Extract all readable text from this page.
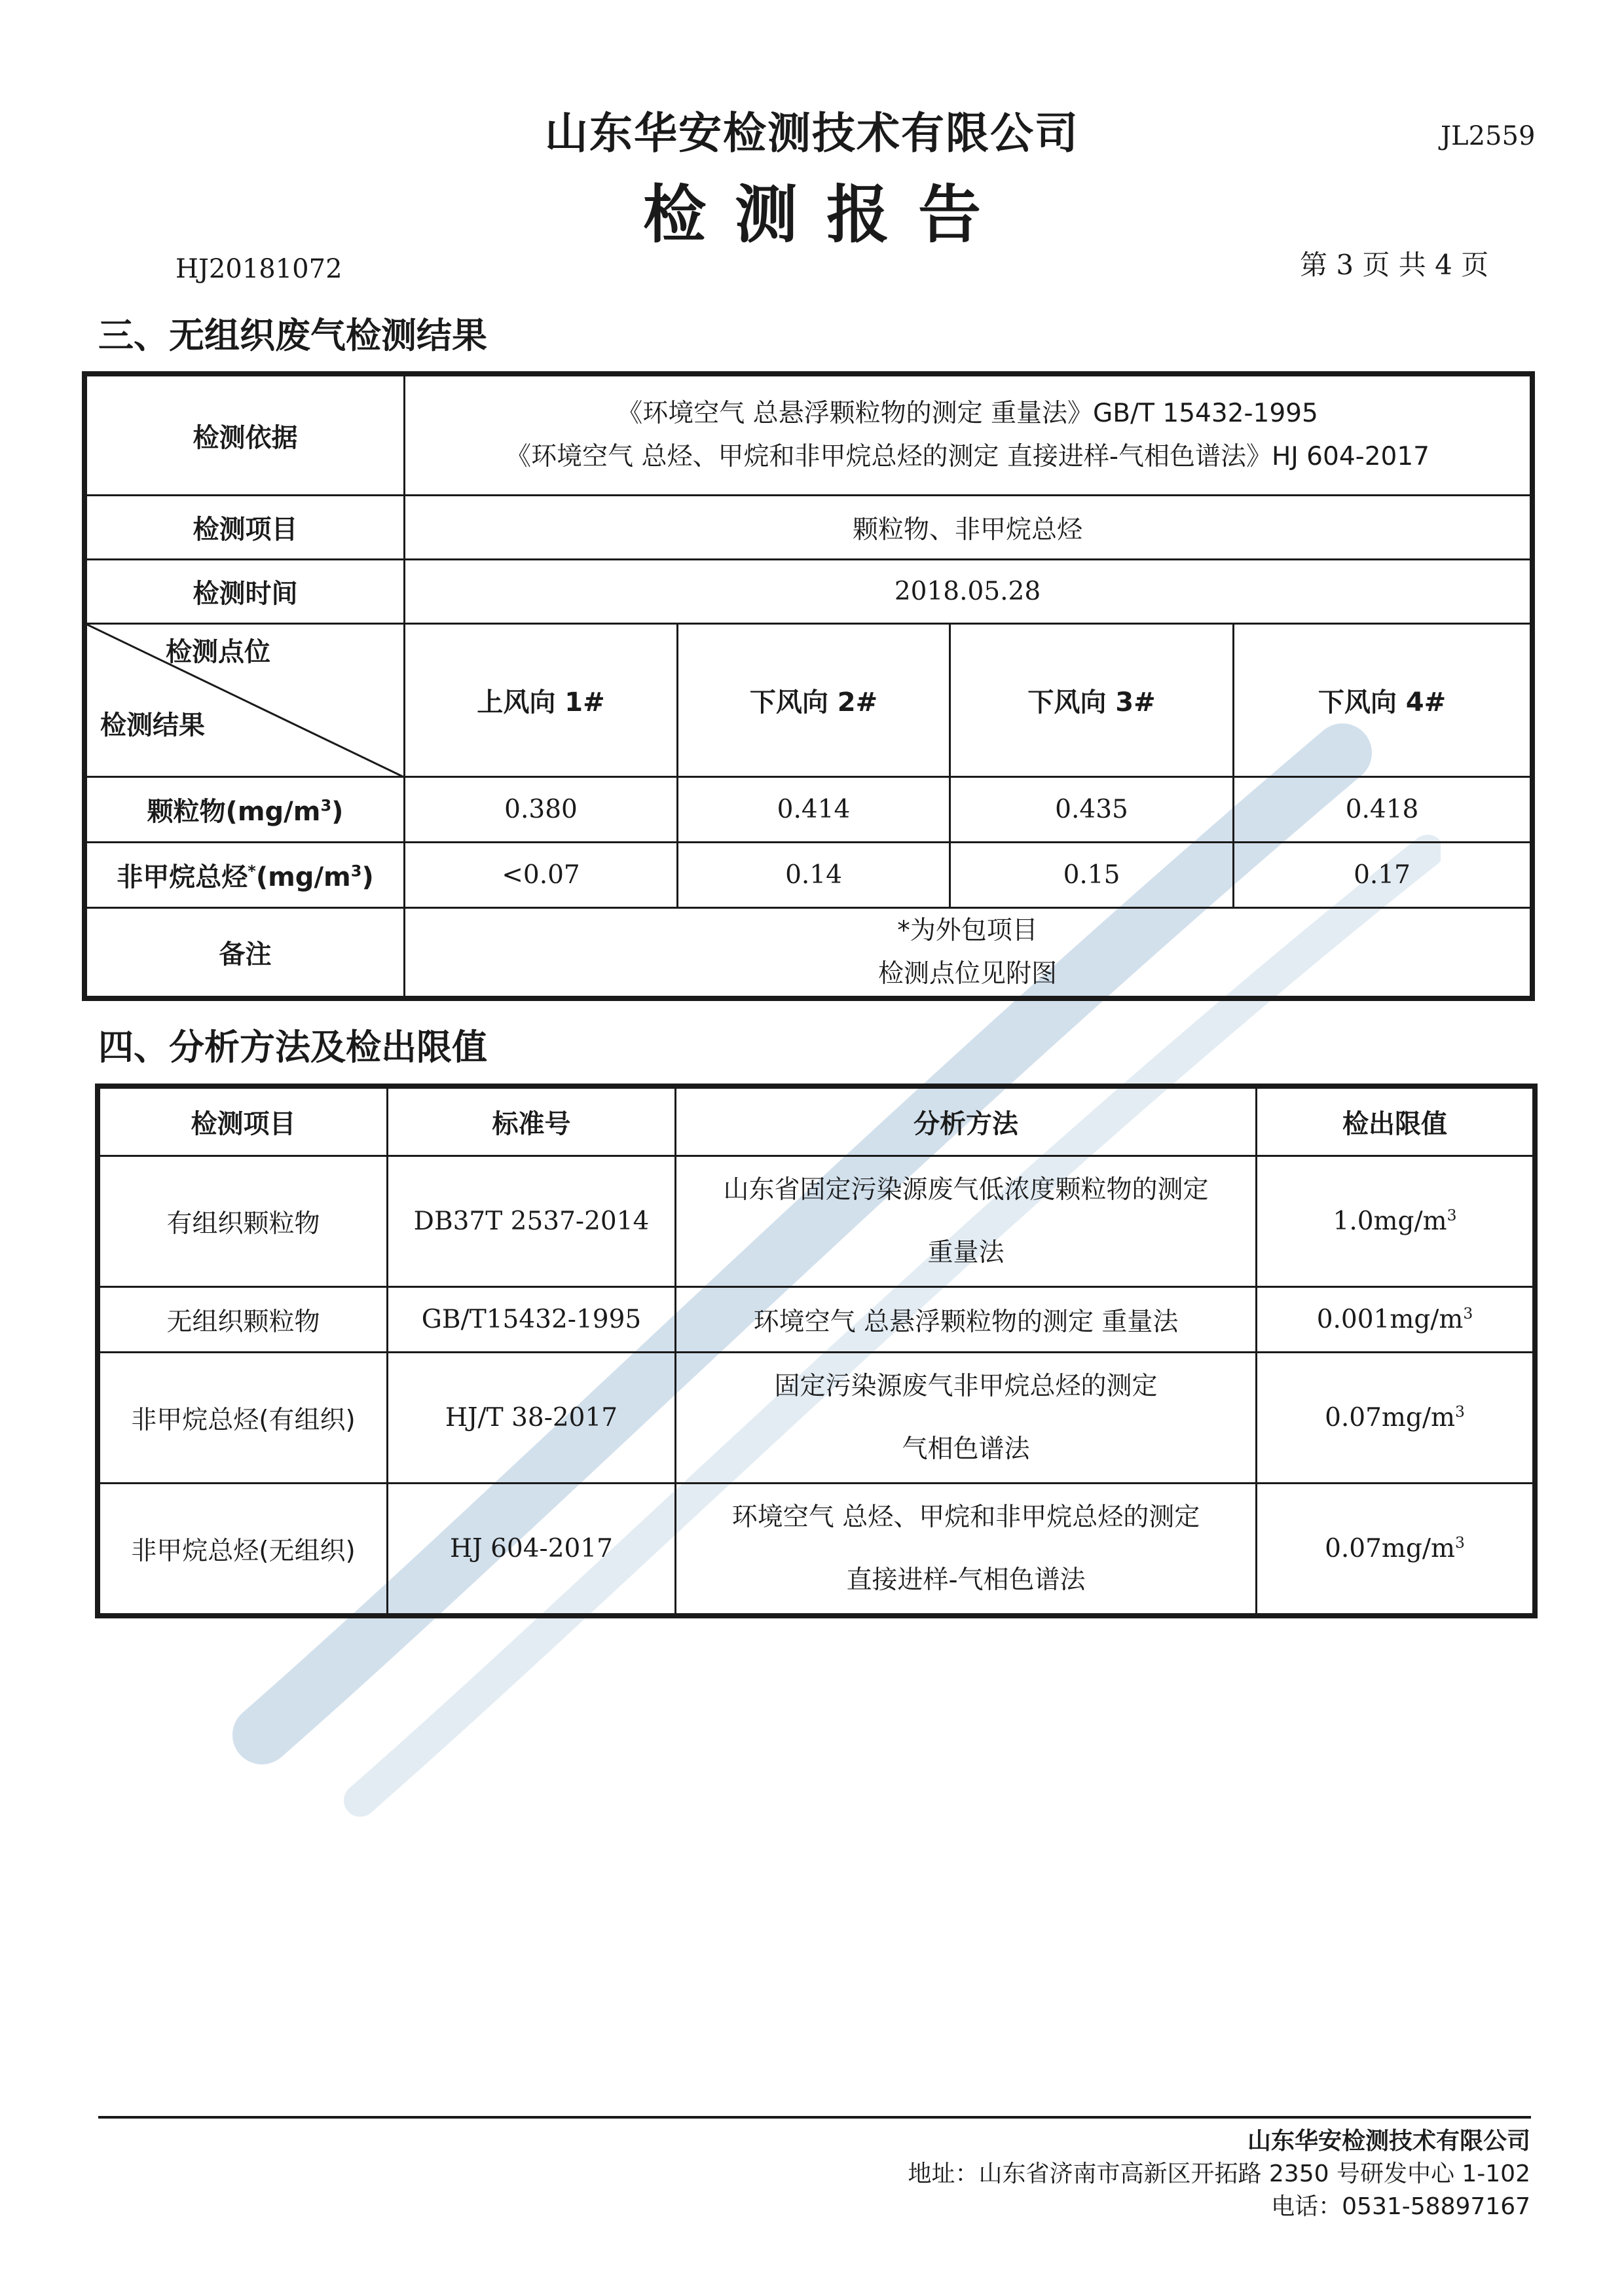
山东华安检测技术有限公司
检测报告
JL2559
HJ20181072	第 3 页 共 4 页
三、无组织废气检测结果
检测依据	《环境空气 总悬浮颗粒物的测定 重量法》GB/T 15432-1995
《环境空气 总烃、甲烷和非甲烷总烃的测定 直接进样-气相色谱法》HJ 604-2017			

检测项目	颗粒物、非甲烷总烃			
检测时间	2018.05.28			

检测点位
检测结果	上风向 1#	下风向 2#	下风向 3#	下风向 4#
颗粒物$(mg/m^3)$	0.380	0.414	0.435	0.418
非甲烷总烃$^*(mg/m^3)$	<0.07	0.14	0.15	0.17
备注	*为外包项目
检测点位见附图			
四、分析方法及检出限值
检测项目	标准号	分析方法	检出限值
有组织颗粒物	DB37T 2537-2014	山东省固定污染源废气低浓度颗粒物的测定
重量法	$1.0mg/m^3$
无组织颗粒物	GB/T15432-1995	环境空气 总悬浮颗粒物的测定 重量法	$0.001mg/m^3$
非甲烷总烃(有组织)	HJ/T 38-2017	固定污染源废气非甲烷总烃的测定
气相色谱法	$0.07mg/m^3$
非甲烷总烃(无组织)	HJ 604-2017	环境空气 总烃、甲烷和非甲烷总烃的测定
直接进样-气相色谱法	$0.07mg/m^3$
山东华安检测技术有限公司
地址：山东省济南市高新区开拓路 2350 号研发中心 1-102
电话：0531-58897167
